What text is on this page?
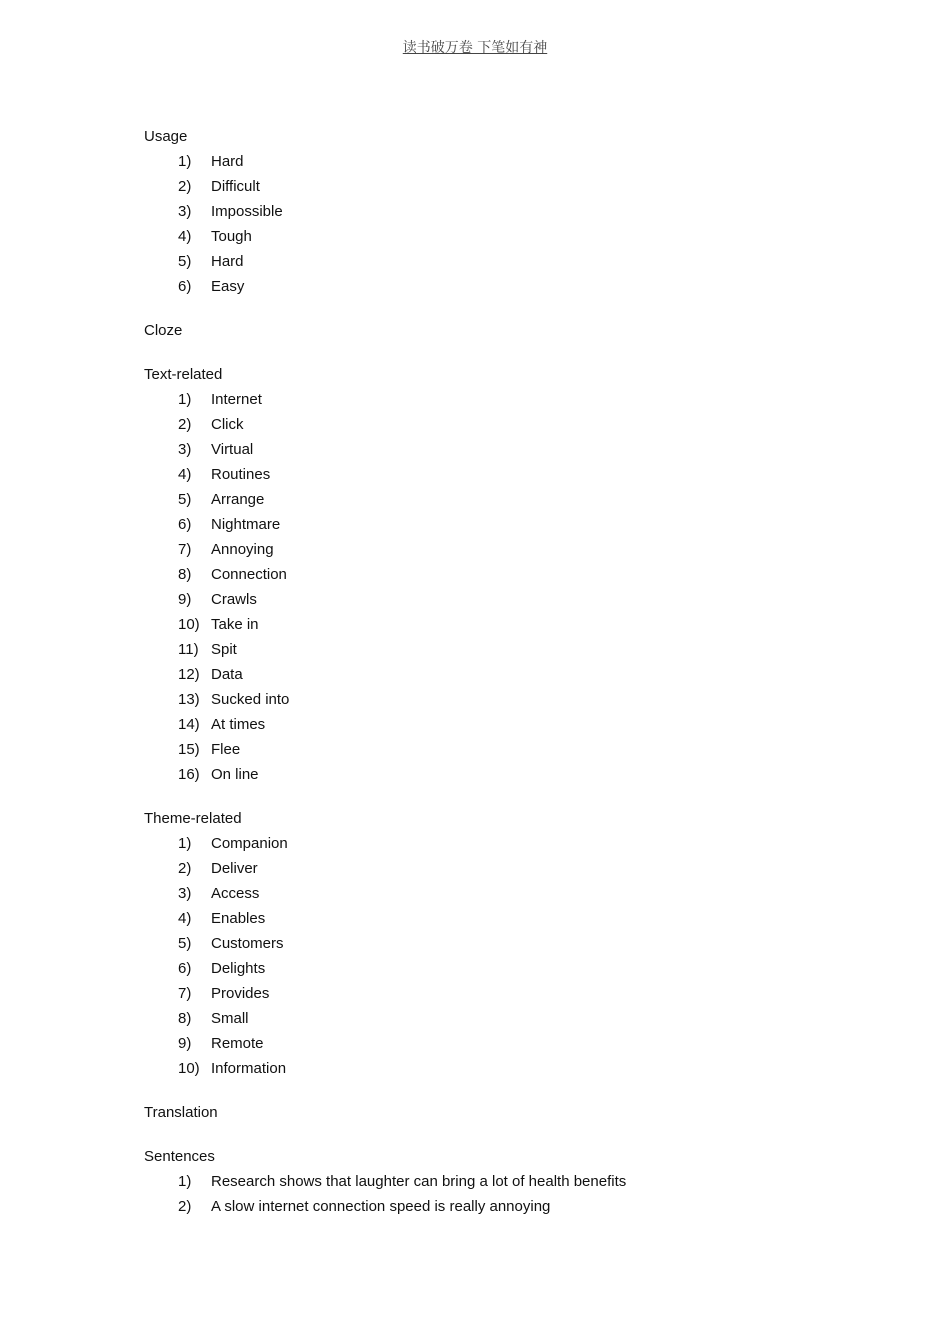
读书破万卷 下笔如有神
Usage
1) Hard
2) Difficult
3) Impossible
4) Tough
5) Hard
6) Easy
Cloze
Text-related
1) Internet
2) Click
3) Virtual
4) Routines
5) Arrange
6) Nightmare
7) Annoying
8) Connection
9) Crawls
10) Take in
11) Spit
12) Data
13) Sucked into
14) At times
15) Flee
16) On line
Theme-related
1) Companion
2) Deliver
3) Access
4) Enables
5) Customers
6) Delights
7) Provides
8) Small
9) Remote
10) Information
Translation
Sentences
1) Research shows that laughter can bring a lot of health benefits
2) A slow internet connection speed is really annoying
